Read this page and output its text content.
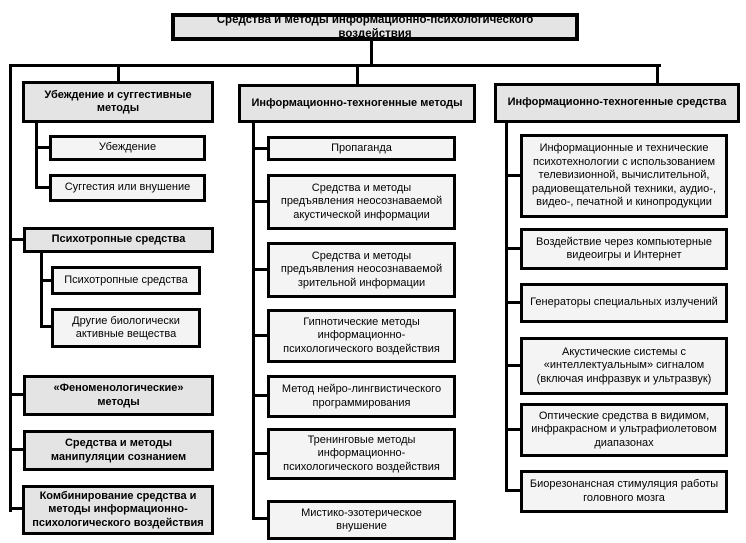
Средства и методы информационно-психологического воздействия
Убеждение и суггестивные методы
Убеждение
Суггестия или внушение
Психотропные средства
Психотропные средства
Другие биологически активные вещества
«Феноменологические» методы
Средства и методы манипуляции сознанием
Комбинирование средства и методы информационно-психологического воздействия
Информационно-техногенные методы
Пропаганда
Средства и методы предъявления неосознаваемой акустической информации
Средства и методы предъявления неосознаваемой зрительной информации
Гипнотические методы информационно-психологического воздействия
Метод нейро-лингвистического программирования
Тренинговые методы информационно-психологического воздействия
Мистико-эзотерическое внушение
Информационно-техногенные средства
Информационные и технические психотехнологии с использованием телевизионной, вычислительной, радиовещательной техники, аудио-, видео-, печатной и кинопродукции
Воздействие через компьютерные видеоигры и Интернет
Генераторы специальных излучений
Акустические системы с «интеллектуальным» сигналом (включая инфразвук и ультразвук)
Оптические средства в видимом, инфракрасном и ультрафиолетовом диапазонах
Биорезонансная стимуляция работы головного мозга
